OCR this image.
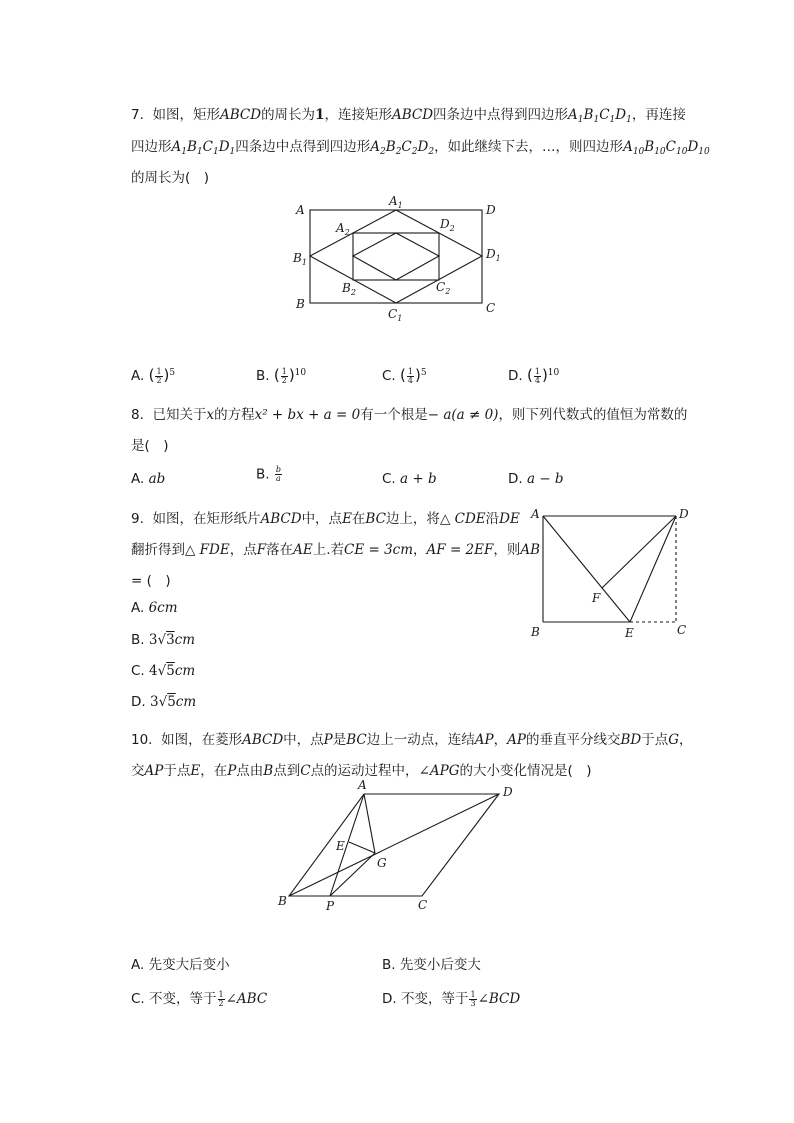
7. 如图，矩形ABCD的周长为1，连接矩形ABCD四条边中点得到四边形$A_1B_1C_1D_1$，再连接
四边形$A_1B_1C_1D_1$四条边中点得到四边形$A_2B_2C_2D_2$，如此继续下去，…，则四边形$A_{10}B_{10}C_{10}D_{10}$
的周长为(　)
A	D
B	C
$A_1$
$B_1$
$C_1$
$D_1$
$A_2$
$D_2$
$B_2$	$C_2$
A. ( $\frac{1}{2} )^5$	B. ( $\frac{1}{2} )^{10}$	C. ( $\frac{1}{4} )^5$	D. ( $\frac{1}{4} )^{10}$
8. 已知关于x的方程x² + bx + a = 0有一个根是− a(a ≠ 0)，则下列代数式的值恒为常数的
是(　)
A. ab	B. $\frac{b}{a}$	C. a + b	D. a − b
9. 如图，在矩形纸片ABCD中，点E在BC边上，将△ CDE沿DE
翻折得到△ FDE，点F落在AE上.若CE = 3cm，AF = 2EF，则AB
= (　)
A. 6cm
B. 3√3cm
C. 4√5cm
D. 3√5cm
A	D
B	E	C
F
10. 如图，在菱形ABCD中，点P是BC边上一动点，连结AP，AP的垂直平分线交BD于点G，
交AP于点E，在P点由B点到C点的运动过程中，∠APG的大小变化情况是(　)
A	D
B	P	C
E
G
A. 先变大后变小	B. 先变小后变大
C. 不变，等于 $\frac{1}{2}$ ∠ABC	D. 不变，等于 $\frac{1}{3}$ ∠BCD
